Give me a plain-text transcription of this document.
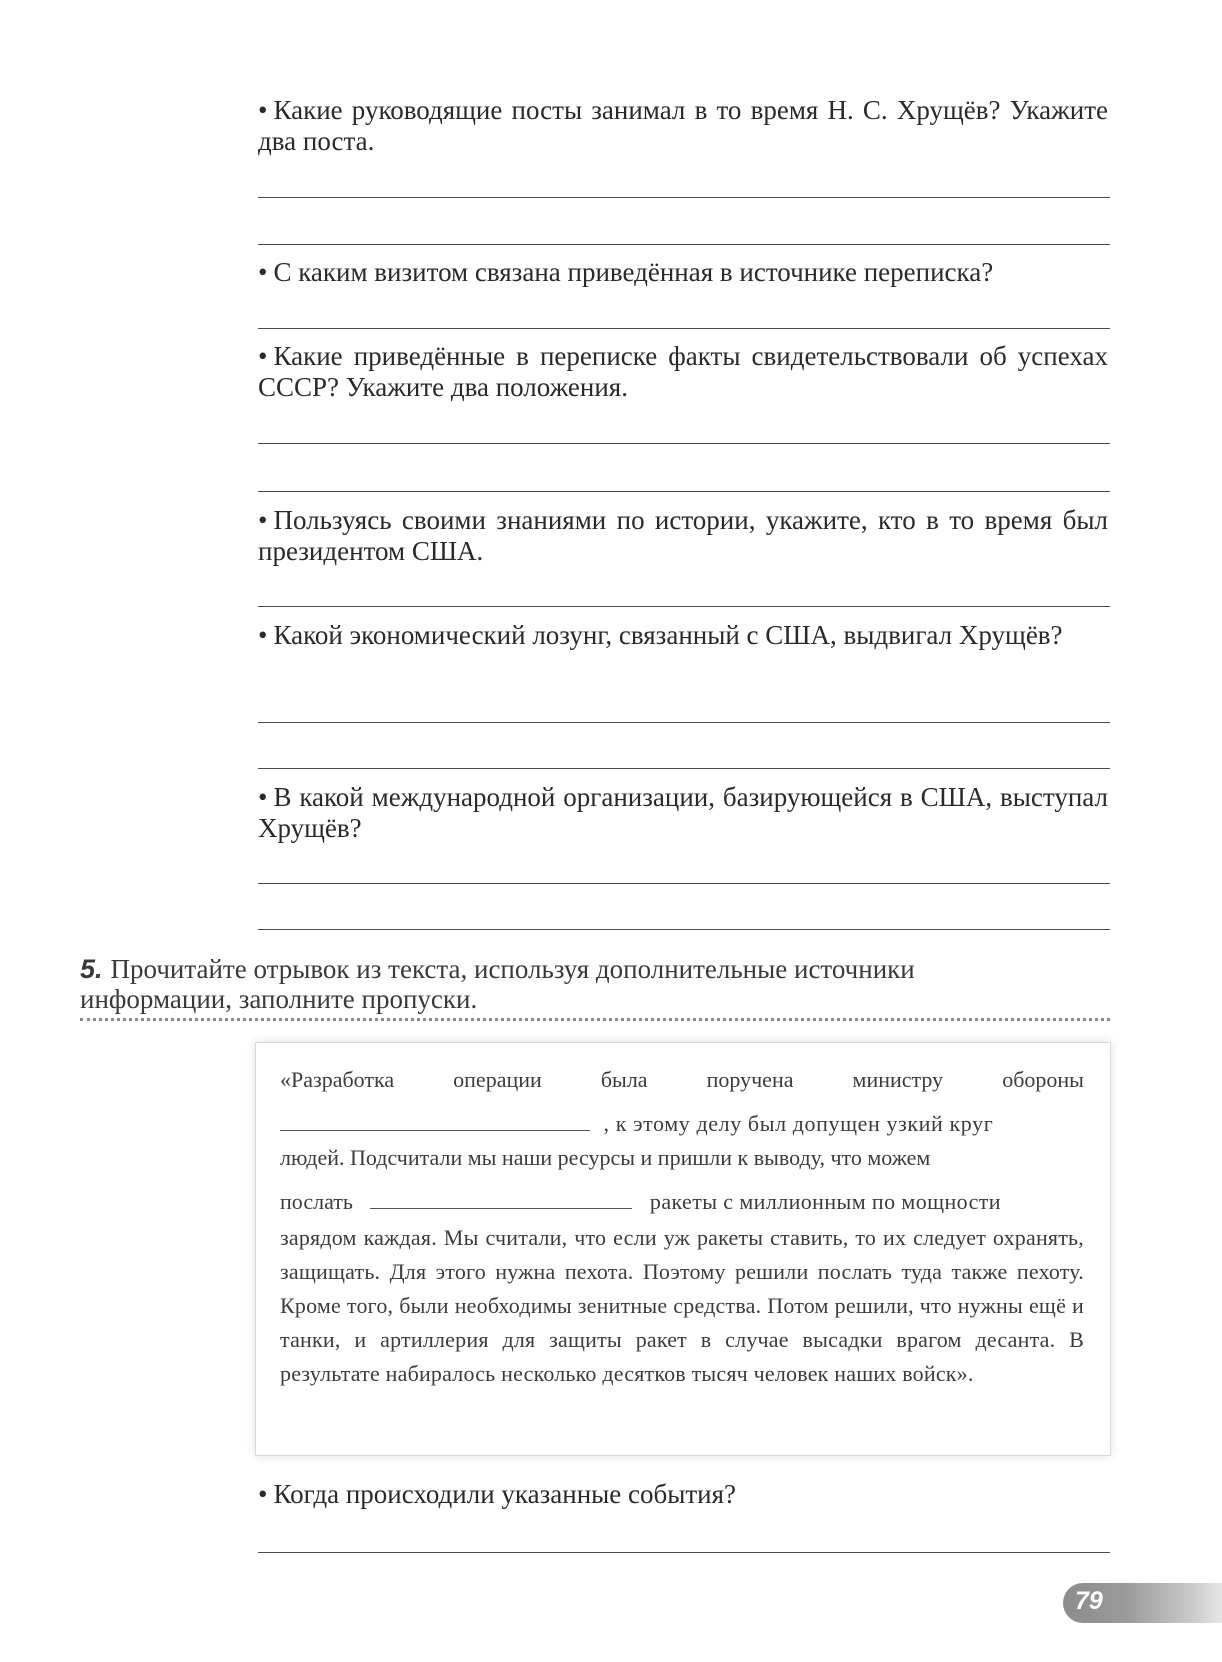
• Какие руководящие посты занимал в то время Н. С. Хрущёв? Укажите два поста.
• С каким визитом связана приведённая в источнике переписка?
• Какие приведённые в переписке факты свидетельствовали об успехах СССР? Укажите два положения.
• Пользуясь своими знаниями по истории, укажите, кто в то время был президентом США.
• Какой экономический лозунг, связанный с США, выдвигал Хрущёв?
• В какой международной организации, базирующейся в США, выступал Хрущёв?
5. Прочитайте отрывок из текста, используя дополнительные источники информации, заполните пропуски.
«Разработка	операции	была	поручена	министру	обороны
, к этому делу был допущен узкий круг
людей. Подсчитали мы наши ресурсы и пришли к выводу, что можем
послать	ракеты с миллионным по мощности
зарядом каждая. Мы считали, что если уж ракеты ставить, то их следует охранять, защищать. Для этого нужна пехота. Поэтому решили послать туда также пехоту. Кроме того, были необходимы зенитные средства. Потом решили, что нужны ещё и танки, и артиллерия для защиты ракет в случае высадки врагом десанта. В результате набиралось несколько десятков тысяч человек наших войск».
• Когда происходили указанные события?
79
